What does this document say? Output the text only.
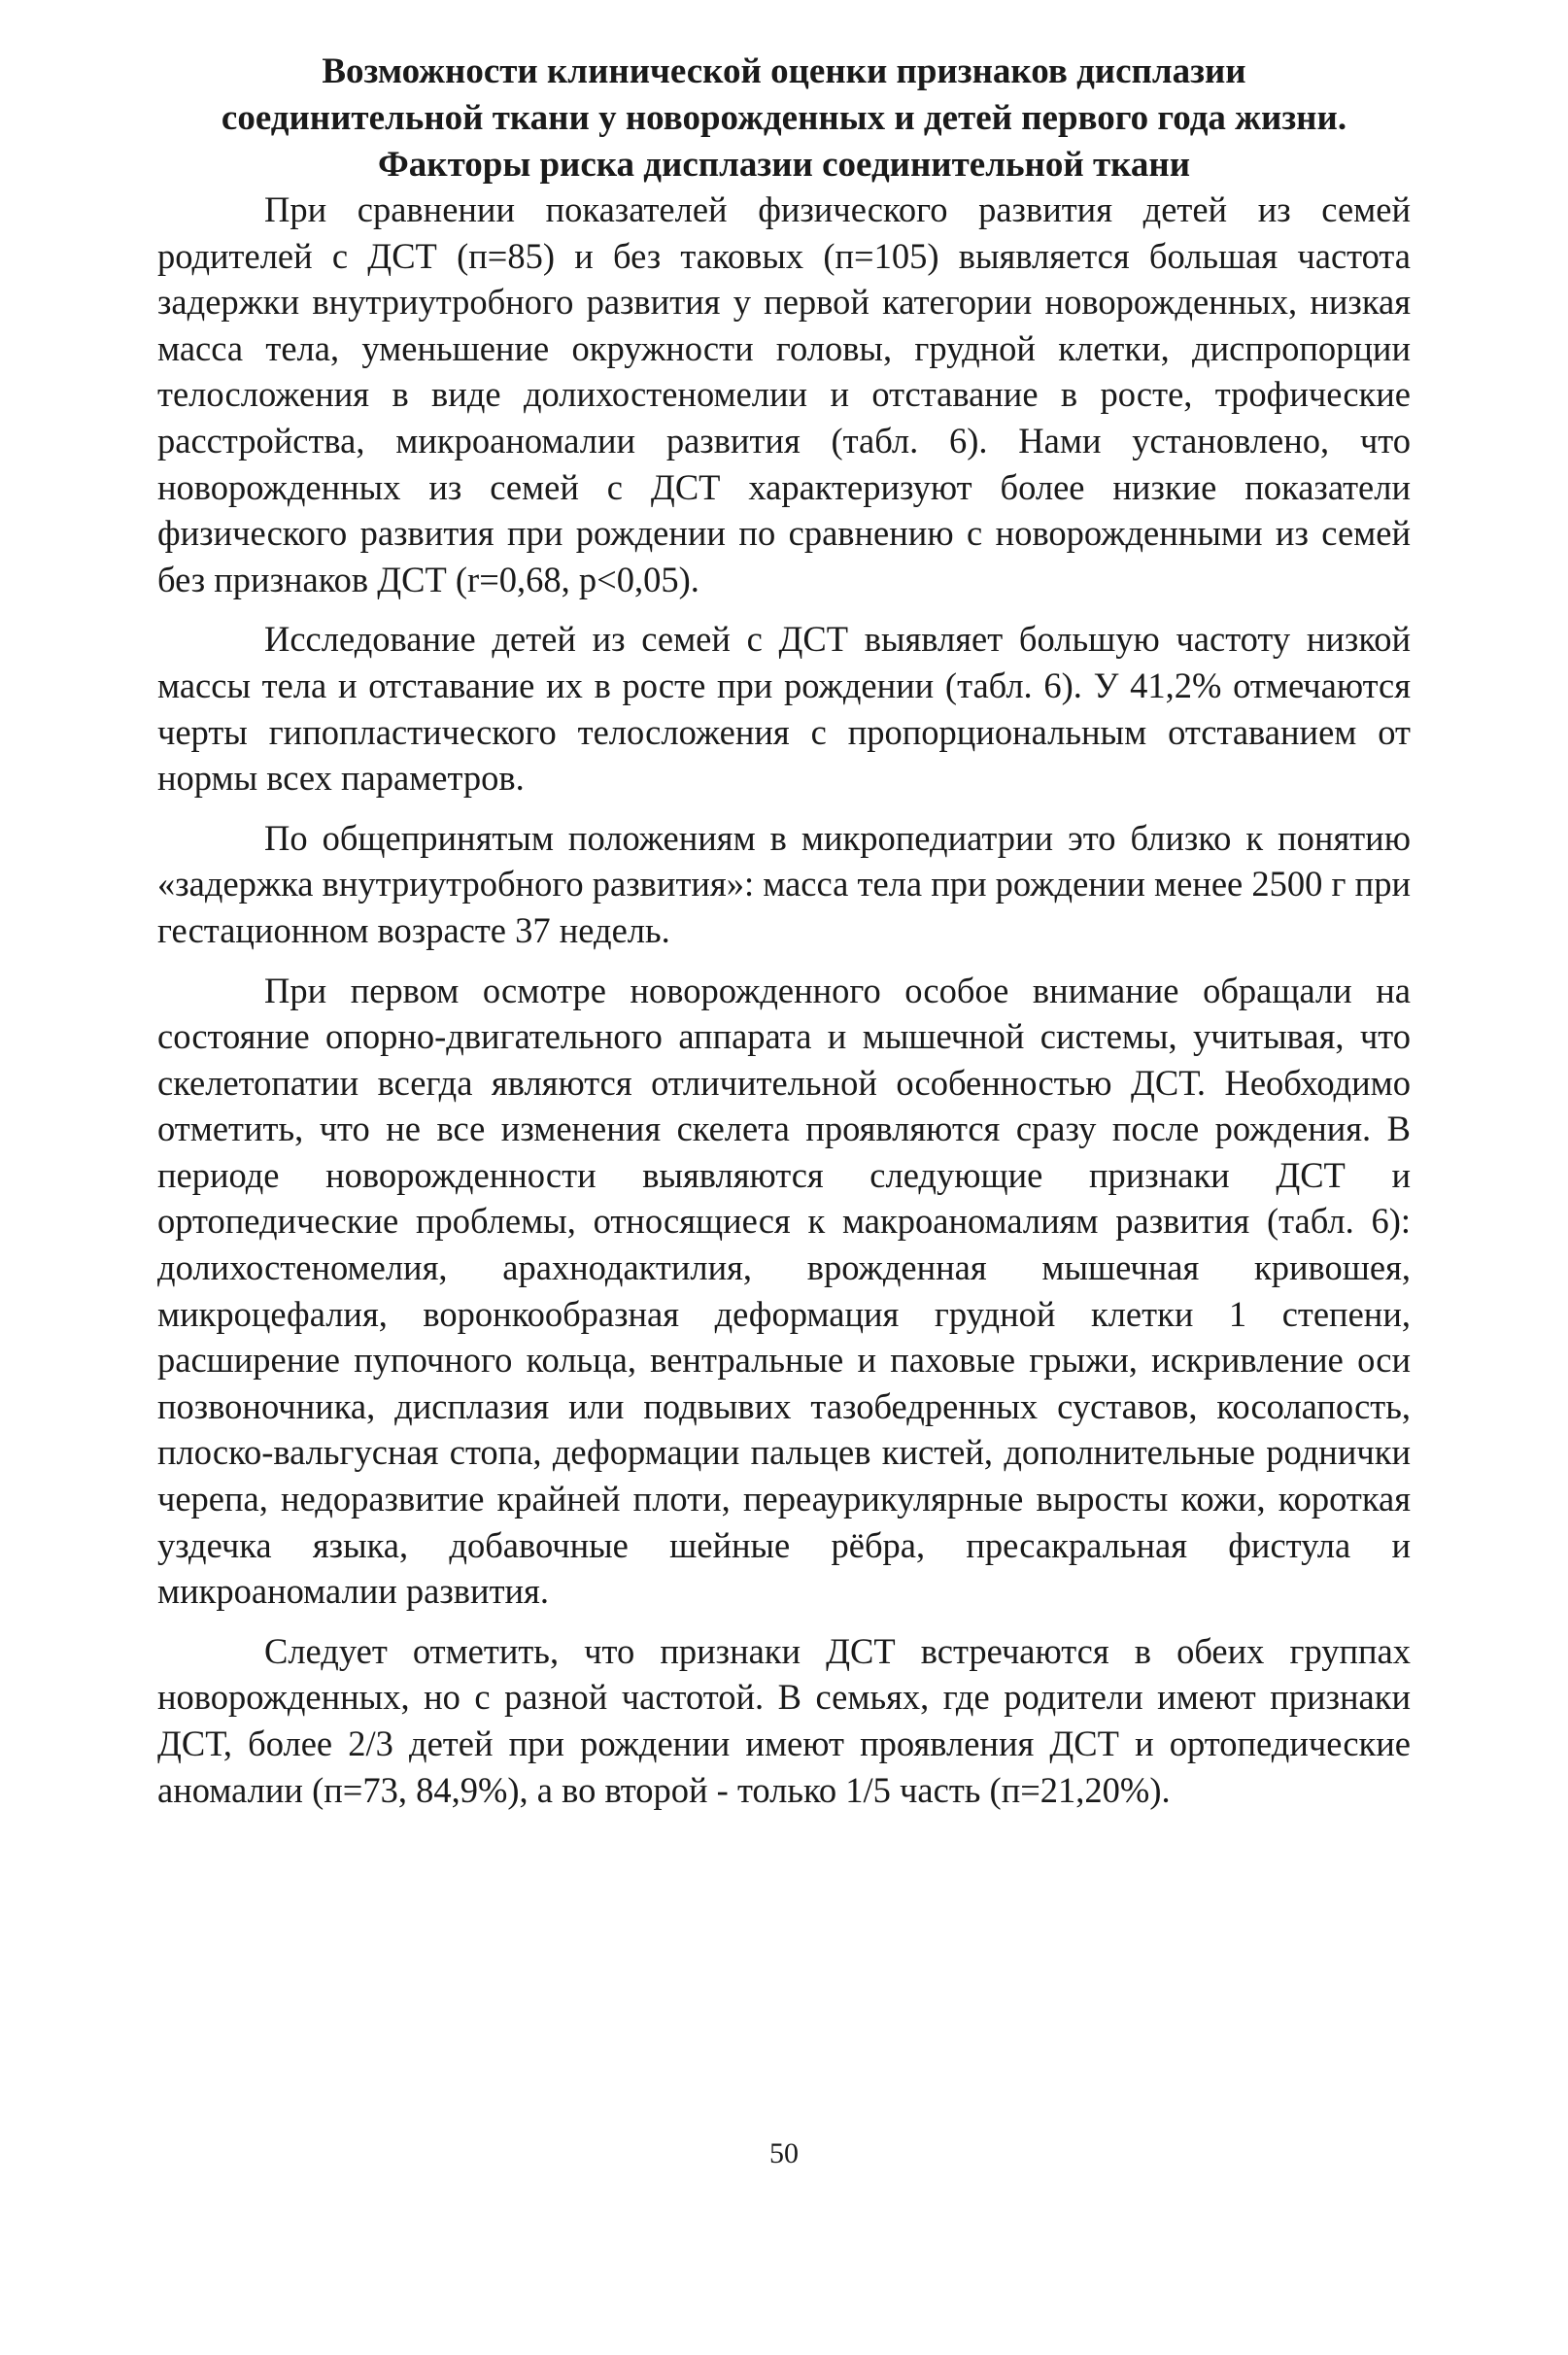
Возможности клинической оценки признаков дисплазии соединительной ткани у новорожденных и детей первого года жизни. Факторы риска дисплазии соединительной ткани

При сравнении показателей физического развития детей из семей родителей с ДСТ (п=85) и без таковых (п=105) выявляется большая частота задержки внутриутробного развития у первой категории новорожденных, низкая масса тела, уменьшение окружности головы, грудной клетки, диспропорции телосложения в виде долихостеномелии и отставание в росте, трофические расстройства, микроаномалии развития (табл. 6). Нами установлено, что новорожденных из семей с ДСТ характеризуют более низкие показатели физического развития при рождении по сравнению с новорожденными из семей без признаков ДСТ (r=0,68, p<0,05).

Исследование детей из семей с ДСТ выявляет большую частоту низкой массы тела и отставание их в росте при рождении (табл. 6). У 41,2% отмечаются черты гипопластического телосложения с пропорциональным отставанием от нормы всех параметров.

По общепринятым положениям в микропедиатрии это близко к понятию «задержка внутриутробного развития»: масса тела при рождении менее 2500 г при гестационном возрасте 37 недель.

При первом осмотре новорожденного особое внимание обращали на состояние опорно-двигательного аппарата и мышечной системы, учитывая, что скелетопатии всегда являются отличительной особенностью ДСТ. Необходимо отметить, что не все изменения скелета проявляются сразу после рождения. В периоде новорожденности выявляются следующие признаки ДСТ и ортопедические проблемы, относящиеся к макроаномалиям развития (табл. 6): долихостеномелия, арахнодактилия, врожденная мышечная кривошея, микроцефалия, воронкообразная деформация грудной клетки 1 степени, расширение пупочного кольца, вентральные и паховые грыжи, искривление оси позвоночника, дисплазия или подвывих тазобедренных суставов, косолапость, плоско-вальгусная стопа, деформации пальцев кистей, дополнительные роднички черепа, недоразвитие крайней плоти, переаурикулярные выросты кожи, короткая уздечка языка, добавочные шейные рёбра, пресакральная фистула и микроаномалии развития.

Следует отметить, что признаки ДСТ встречаются в обеих группах новорожденных, но с разной частотой. В семьях, где родители имеют признаки ДСТ, более 2/3 детей при рождении имеют проявления ДСТ и ортопедические аномалии (п=73, 84,9%), а во второй - только 1/5 часть (п=21,20%).

50
